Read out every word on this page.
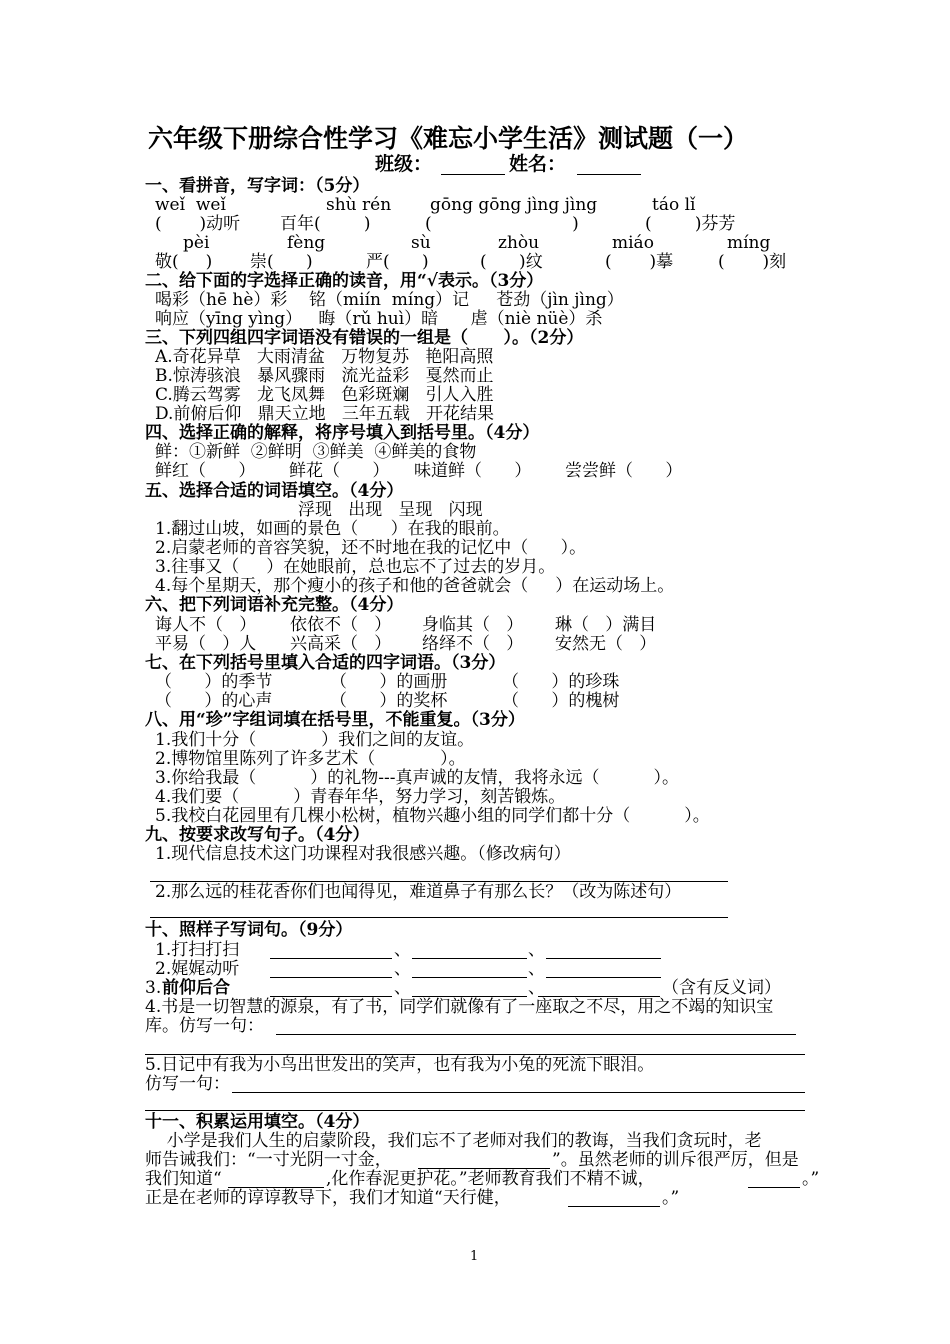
六年级下册综合性学习《难忘小学生活》测试题（一）
班级：	姓名：
一、看拼音，写字词：（5分）
weǐ  weǐ	shù rén gōng gōng jìng jìng	táo lǐ
(       )动听 百年(        )	(                          )	(        )芬芳
pèi	fèng	sù	zhòu	miáo	míng
敬(     ) 崇(      )	严(      )	(      )纹	(       )摹	(       )刻
二、给下面的字选择正确的读音，用“√表示。（3分）
喝彩（hē hè）彩    铭（miín  míng）记     苍劲（jìn jìng）
响应（yīng yìng）   晦（rǔ huì）暗      虐（niè nüè）杀
三、下列四组四字词语没有错误的一组是（      ）。（2分）
A.奇花异草   大雨清盆   万物复苏   艳阳高照
B.惊涛骇浪   暴风骤雨   流光益彩   戛然而止
C.腾云驾雾   龙飞凤舞   色彩斑斓   引人入胜
D.前俯后仰   鼎天立地   三年五载   开花结果
四、选择正确的解释，将序号填入到括号里。（4分）
鲜：①新鲜  ②鲜明  ③鲜美  ④鲜美的食物
鲜红（      ） 鲜花（      ） 味道鲜（      ） 尝尝鲜（      ）
五、选择合适的词语填空。（4分）
浮现   出现   呈现   闪现
1.翻过山坡，如画的景色（      ）在我的眼前。
2.启蒙老师的音容笑貌，还不时地在我的记忆中（      ）。
3.往事又（     ）在她眼前，总也忘不了过去的岁月。
4.每个星期天，那个瘦小的孩子和他的爸爸就会（     ）在运动场上。
六、把下列词语补充完整。（4分）
诲人不（   ） 依依不（   ） 身临其（   ） 琳（   ）满目
平易（   ）人 兴高采（   ） 络绎不（   ） 安然无（   ）
七、在下列括号里填入合适的四字词语。（3分）
（      ）的季节	（      ）的画册	（      ）的珍珠
（      ）的心声	（      ）的奖杯	（      ）的槐树
八、用“珍”字组词填在括号里，不能重复。（3分）
1.我们十分（            ）我们之间的友谊。
2.博物馆里陈列了许多艺术（            ）。
3.你给我最（          ）的礼物---真声诚的友情，我将永远（          ）。
4.我们要（          ）青春年华，努力学习，刻苦锻炼。
5.我校白花园里有几棵小松树，植物兴趣小组的同学们都十分（          ）。
九、按要求改写句子。（4分）
1.现代信息技术这门功课程对我很感兴趣。（修改病句）
2.那么远的桂花香你们也闻得见，难道鼻子有那么长？（改为陈述句）
十、照样子写词句。（9分）
1.打扫打扫	、	、
2.娓娓动听	、	、
3. 前仰后合	、	、	（含有反义词）
4.书是一切智慧的源泉，有了书，同学们就像有了一座取之不尽，用之不竭的知识宝
库。仿写一句：
5.日记中有我为小鸟出世发出的笑声，也有我为小兔的死流下眼泪。
仿写一句：
十一、积累运用填空。（4分）
小学是我们人生的启蒙阶段，我们忘不了老师对我们的教诲，当我们贪玩时，老
师告诫我们：“一寸光阴一寸金，	”。虽然老师的训斥很严厉，但是
我们知道“	,化作春泥更护花。”老师教育我们不精不诚，	。”
正是在老师的谆谆教导下，我们才知道“天行健，	。”
1
